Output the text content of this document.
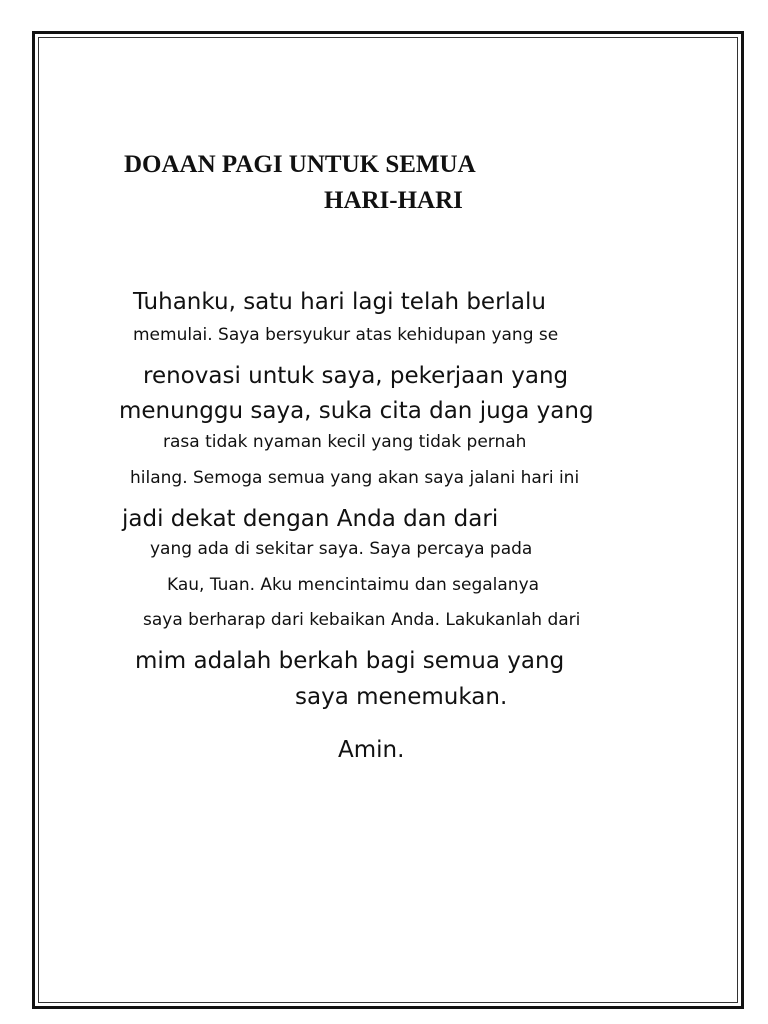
DOAAN PAGI UNTUK SEMUA
HARI-HARI
Tuhanku, satu hari lagi telah berlalu
memulai. Saya bersyukur atas kehidupan yang se
renovasi untuk saya, pekerjaan yang
menunggu saya, suka cita dan juga yang
rasa tidak nyaman kecil yang tidak pernah
hilang. Semoga semua yang akan saya jalani hari ini
jadi dekat dengan Anda dan dari
yang ada di sekitar saya. Saya percaya pada
Kau, Tuan. Aku mencintaimu dan segalanya
saya berharap dari kebaikan Anda. Lakukanlah dari
mim adalah berkah bagi semua yang
saya menemukan.
Amin.
